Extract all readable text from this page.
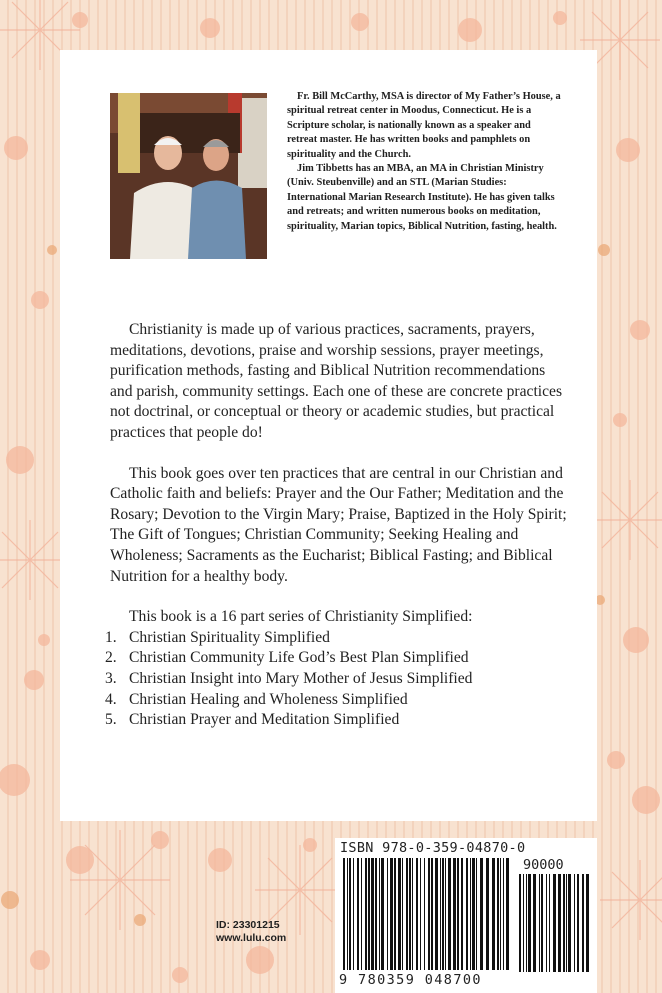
Fr. Bill McCarthy, MSA is director of My Father’s House, a spiritual retreat center in Moodus, Connecticut. He is a Scripture scholar, is nationally known as a speaker and retreat master. He has written books and pamphlets on spirituality and the Church.

Jim Tibbetts has an MBA, an MA in Christian Ministry (Univ. Steubenville) and an STL (Marian Studies: International Marian Research Institute). He has given talks and retreats; and written numerous books on meditation, spirituality, Marian topics, Biblical Nutrition, fasting, health.

Christianity is made up of various practices, sacraments, prayers, meditations, devotions, praise and worship sessions, prayer meetings, purification methods, fasting and Biblical Nutrition recommendations and parish, community settings. Each one of these are concrete practices not doctrinal, or conceptual or theory or academic studies, but practical practices that people do!

This book goes over ten practices that are central in our Christian and Catholic faith and beliefs: Prayer and the Our Father; Meditation and the Rosary; Devotion to the Virgin Mary; Praise, Baptized in the Holy Spirit; The Gift of Tongues; Christian Community; Seeking Healing and Wholeness; Sacraments as the Eucharist; Biblical Fasting; and Biblical Nutrition for a healthy body.

This book is a 16 part series of Christianity Simplified:
1. Christian Spirituality Simplified
2. Christian Community Life God’s Best Plan Simplified
3. Christian Insight into Mary Mother of Jesus Simplified
4. Christian Healing and Wholeness Simplified
5. Christian Prayer and Meditation Simplified
ID: 23301215
www.lulu.com
ISBN 978-0-359-04870-0
90000
9 780359 048700
